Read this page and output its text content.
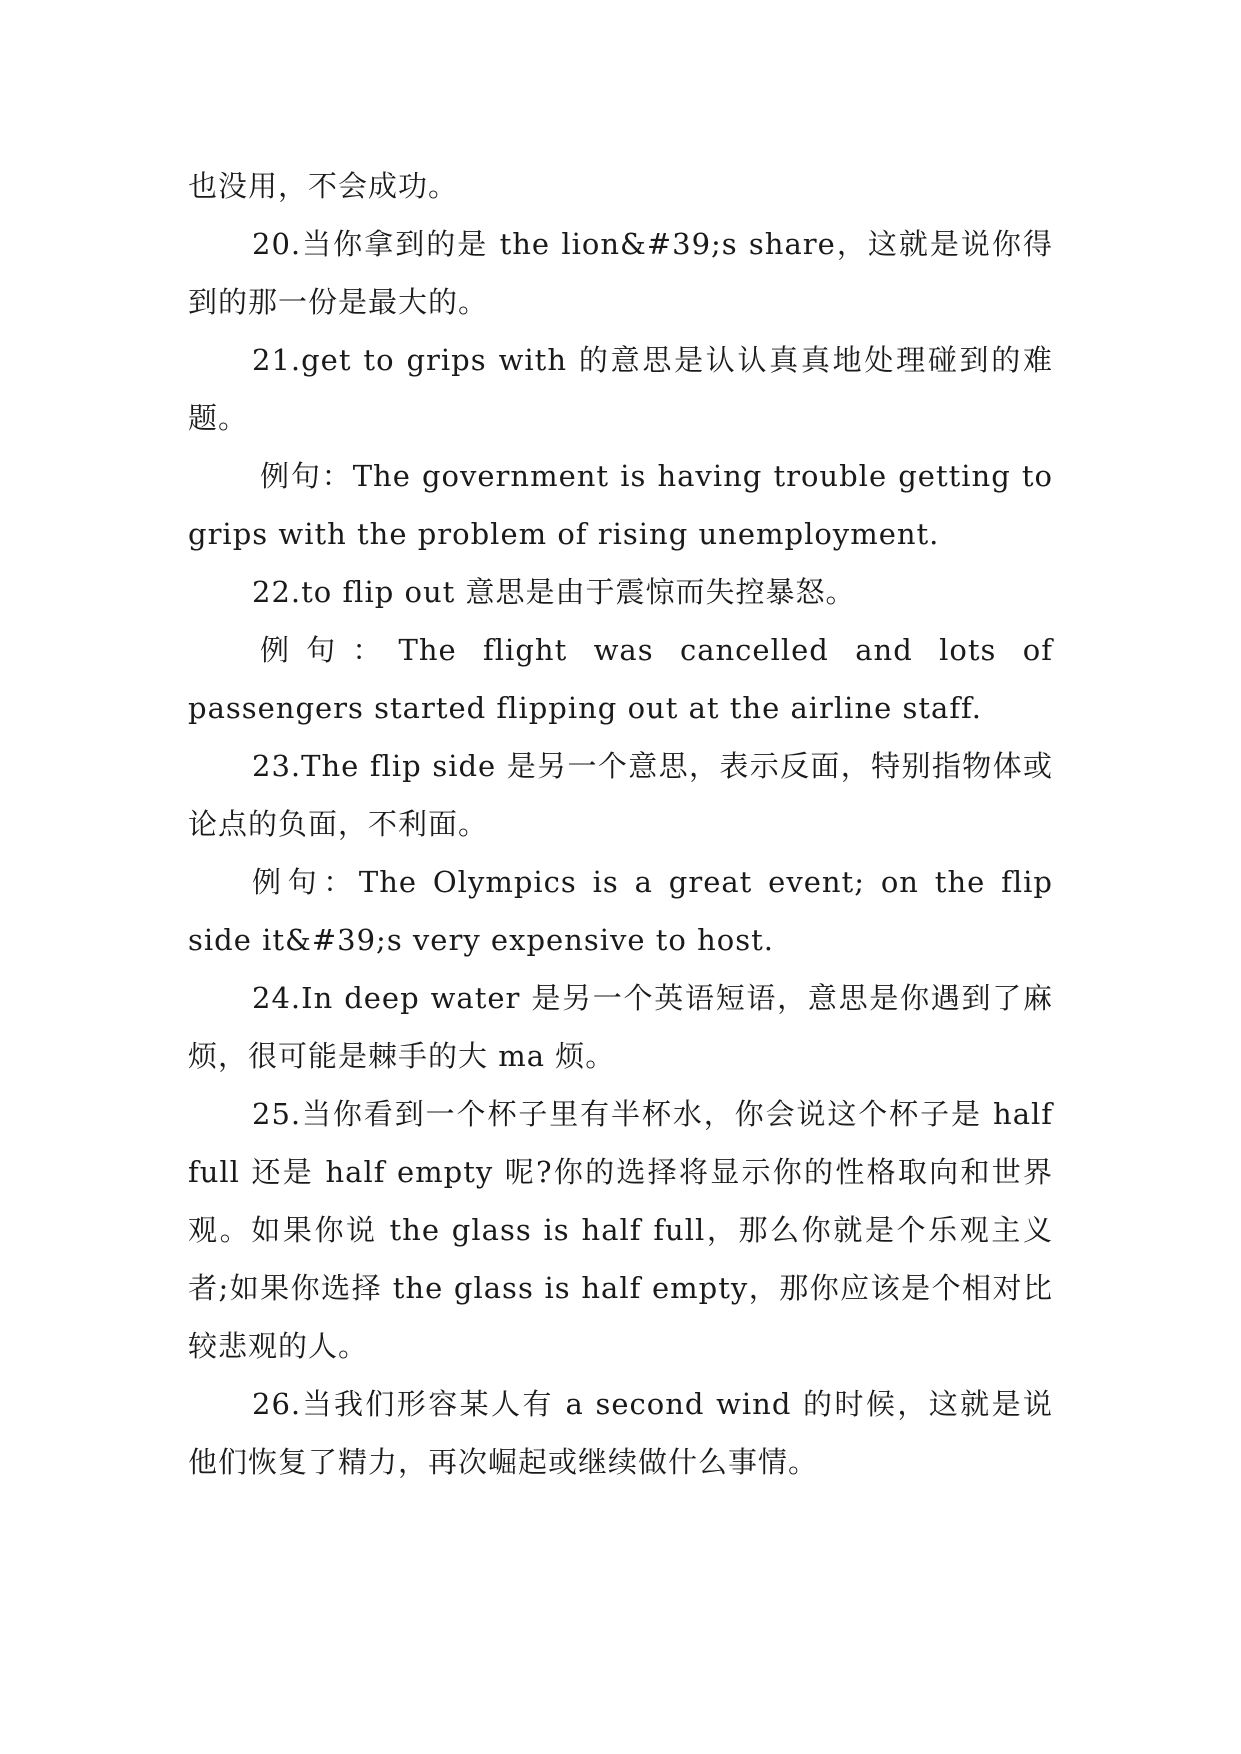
也没用，不会成功。

20.当你拿到的是 the lion&#39;s share，这就是说你得到的那一份是最大的。

21.get to grips with 的意思是认认真真地处理碰到的难题。

例句：The government is having trouble getting to grips with the problem of rising unemployment.

22.to flip out 意思是由于震惊而失控暴怒。

例句：The flight was cancelled and lots of passengers started flipping out at the airline staff.

23.The flip side 是另一个意思，表示反面，特别指物体或论点的负面，不利面。

例句：The Olympics is a great event; on the flip side it&#39;s very expensive to host.

24.In deep water 是另一个英语短语，意思是你遇到了麻烦，很可能是棘手的大 ma 烦。

25.当你看到一个杯子里有半杯水，你会说这个杯子是 half full 还是 half empty 呢?你的选择将显示你的性格取向和世界观。如果你说 the glass is half full，那么你就是个乐观主义者;如果你选择 the glass is half empty，那你应该是个相对比较悲观的人。

26.当我们形容某人有 a second wind 的时候，这就是说他们恢复了精力，再次崛起或继续做什么事情。
